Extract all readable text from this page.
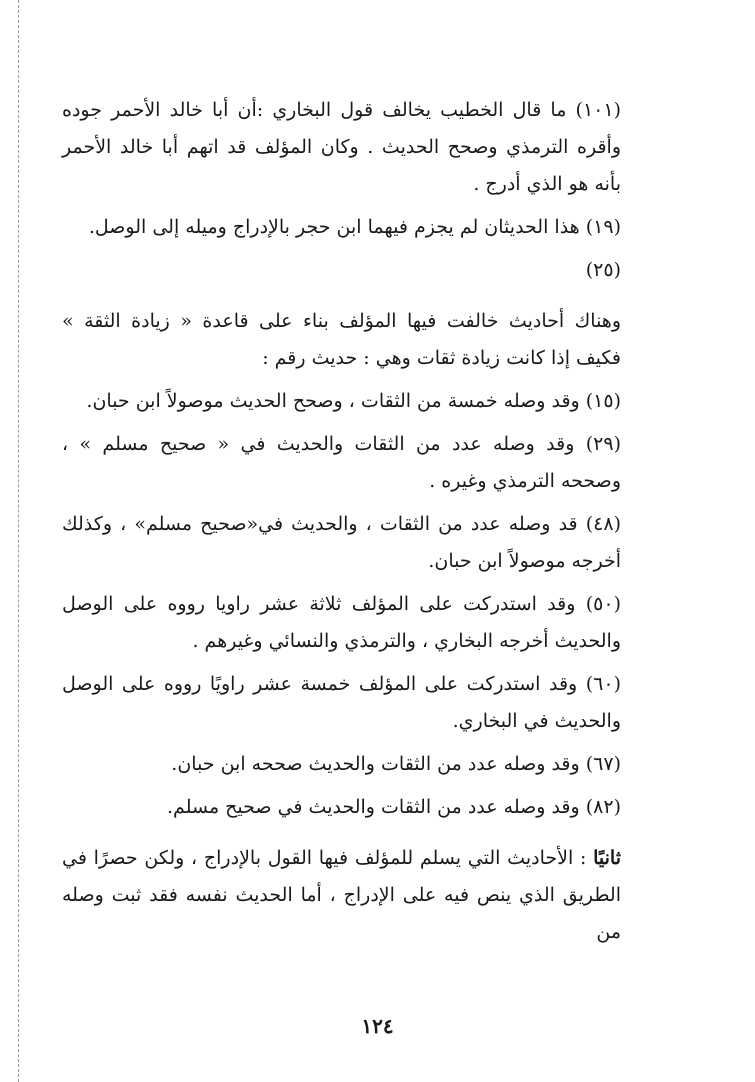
(١٠١) ما قال الخطيب يخالف قول البخاري :أن أبا خالد الأحمر جوده وأقره الترمذي وصحح الحديث . وكان المؤلف قد اتهم أبا خالد الأحمر بأنه هو الذي أدرج .

(١٩) هذا الحديثان لم يجزم فيهما ابن حجر بالإدراج وميله إلى الوصل.

(٢٥)

وهناك أحاديث خالفت فيها المؤلف بناء على قاعدة « زيادة الثقة » فكيف إذا كانت زيادة ثقات وهي : حديث رقم :

(١٥) وقد وصله خمسة من الثقات ، وصحح الحديث موصولاً ابن حبان.

(٢٩) وقد وصله عدد من الثقات والحديث في « صحيح مسلم » ، وصححه الترمذي وغيره .

(٤٨) قد وصله عدد من الثقات ، والحديث في«صحيح مسلم» ، وكذلك أخرجه موصولاً ابن حبان.

(٥٠) وقد استدركت على المؤلف ثلاثة عشر راويا رووه على الوصل والحديث أخرجه البخاري ، والترمذي والنسائي وغيرهم .

(٦٠) وقد استدركت على المؤلف خمسة عشر راويًا رووه على الوصل والحديث في البخاري.

(٦٧) وقد وصله عدد من الثقات والحديث صححه ابن حبان.

(٨٢) وقد وصله عدد من الثقات والحديث في صحيح مسلم.

ثانيًا : الأحاديث التي يسلم للمؤلف فيها القول بالإدراج ، ولكن حصرًا في الطريق الذي ينص فيه على الإدراج ، أما الحديث نفسه فقد ثبت وصله من

١٢٤
